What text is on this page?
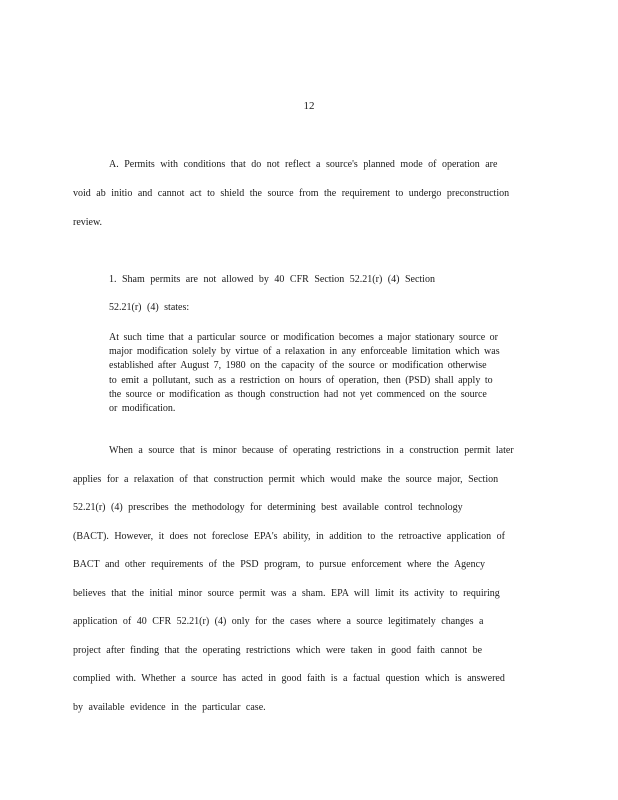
12

A. Permits with conditions that do not reflect a source's planned mode of operation are

void ab initio and cannot act to shield the source from the requirement to undergo preconstruction

review.

1. Sham permits are not allowed by 40 CFR Section 52.21(r) (4) Section

52.21(r) (4) states:

At such time that a particular source or modification becomes a major stationary source or
major modification solely by virtue of a relaxation in any enforceable limitation which was
established after August 7, 1980 on the capacity of the source or modification otherwise
to emit a pollutant, such as a restriction on hours of operation, then (PSD) shall apply to
the source or modification as though construction had not yet commenced on the source
or modification.

When a source that is minor because of operating restrictions in a construction permit later

applies for a relaxation of that construction permit which would make the source major, Section

52.21(r) (4) prescribes the methodology for determining best available control technology

(BACT). However, it does not foreclose EPA's ability, in addition to the retroactive application of

BACT and other requirements of the PSD program, to pursue enforcement where the Agency

believes that the initial minor source permit was a sham. EPA will limit its activity to requiring

application of 40 CFR 52.21(r) (4) only for the cases where a source legitimately changes a

project after finding that the operating restrictions which were taken in good faith cannot be

complied with. Whether a source has acted in good faith is a factual question which is answered

by available evidence in the particular case.
